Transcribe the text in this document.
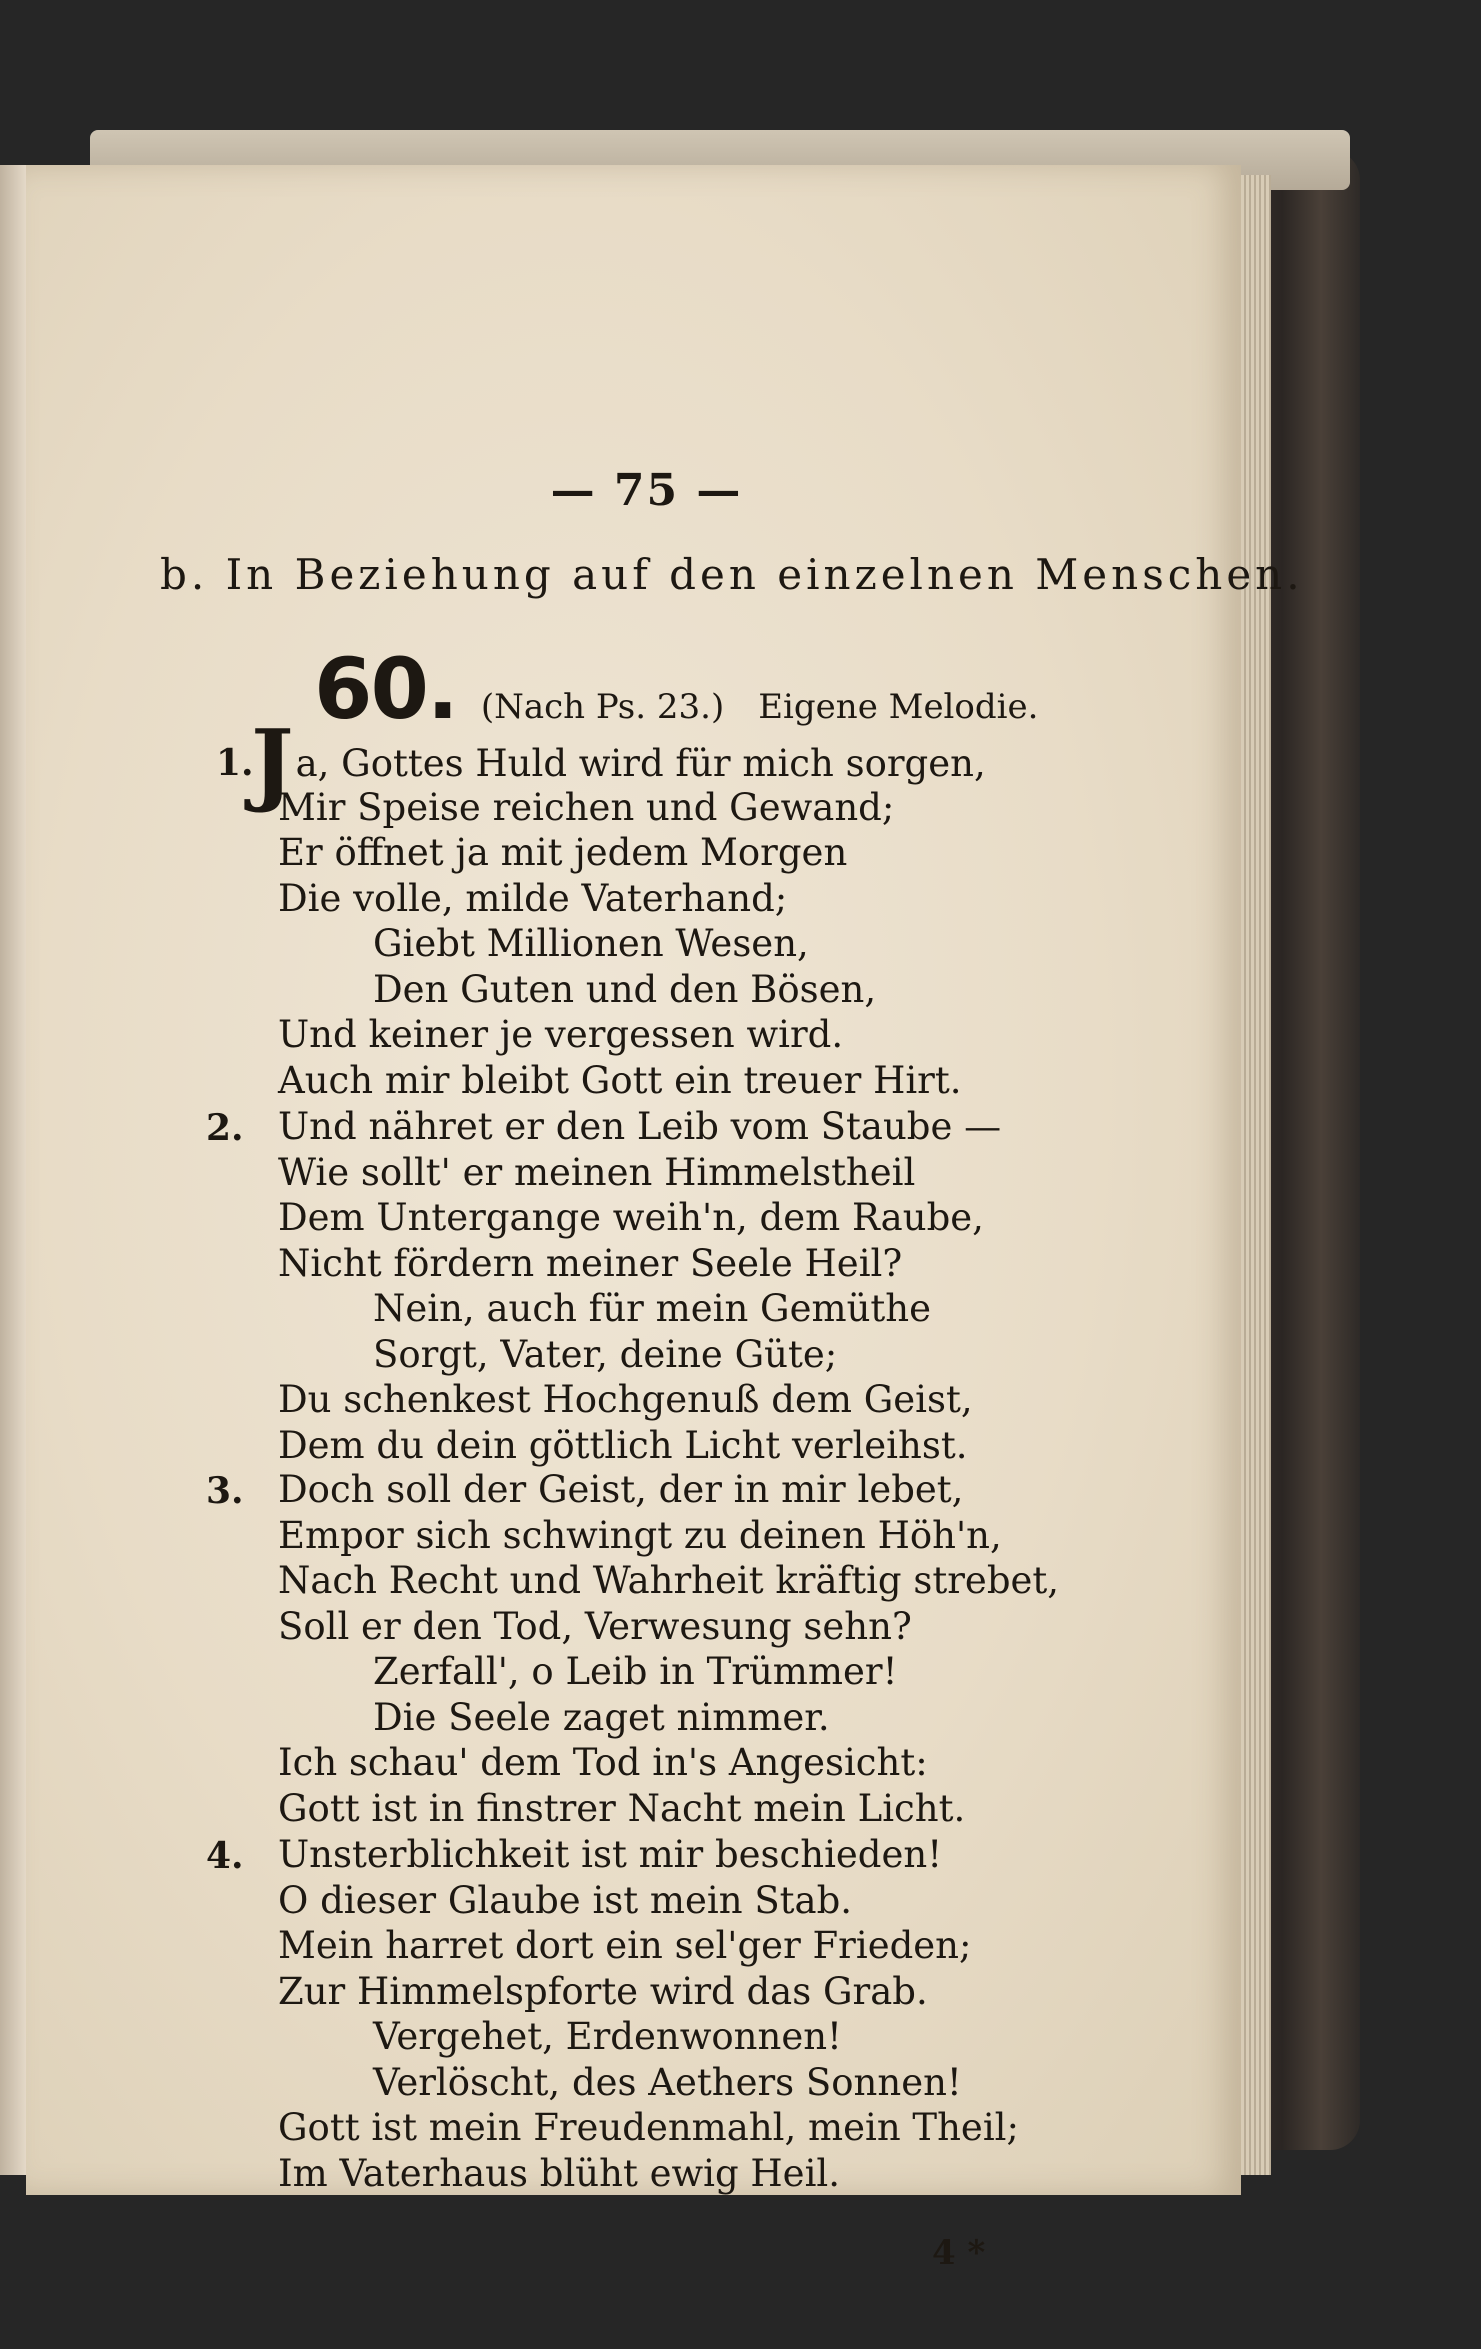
— 75 —
b. In Beziehung auf den einzelnen Menschen.
60. (Nach Ps. 23.) Eigene Melodie.
1.
Ja, Gottes Huld wird für mich sorgen,
Mir Speise reichen und Gewand;
Er öffnet ja mit jedem Morgen
Die volle, milde Vaterhand;
Giebt Millionen Wesen,
Den Guten und den Bösen,
Und keiner je vergessen wird.
Auch mir bleibt Gott ein treuer Hirt.
2. Und nähret er den Leib vom Staube —
Wie sollt' er meinen Himmelstheil
Dem Untergange weih'n, dem Raube,
Nicht fördern meiner Seele Heil?
Nein, auch für mein Gemüthe
Sorgt, Vater, deine Güte;
Du schenkest Hochgenuß dem Geist,
Dem du dein göttlich Licht verleihst.
3. Doch soll der Geist, der in mir lebet,
Empor sich schwingt zu deinen Höh'n,
Nach Recht und Wahrheit kräftig strebet,
Soll er den Tod, Verwesung sehn?
Zerfall', o Leib in Trümmer!
Die Seele zaget nimmer.
Ich schau' dem Tod in's Angesicht:
Gott ist in finstrer Nacht mein Licht.
4. Unsterblichkeit ist mir beschieden!
O dieser Glaube ist mein Stab.
Mein harret dort ein sel'ger Frieden;
Zur Himmelspforte wird das Grab.
Vergehet, Erdenwonnen!
Verlöscht, des Aethers Sonnen!
Gott ist mein Freudenmahl, mein Theil;
Im Vaterhaus blüht ewig Heil.
4 *
